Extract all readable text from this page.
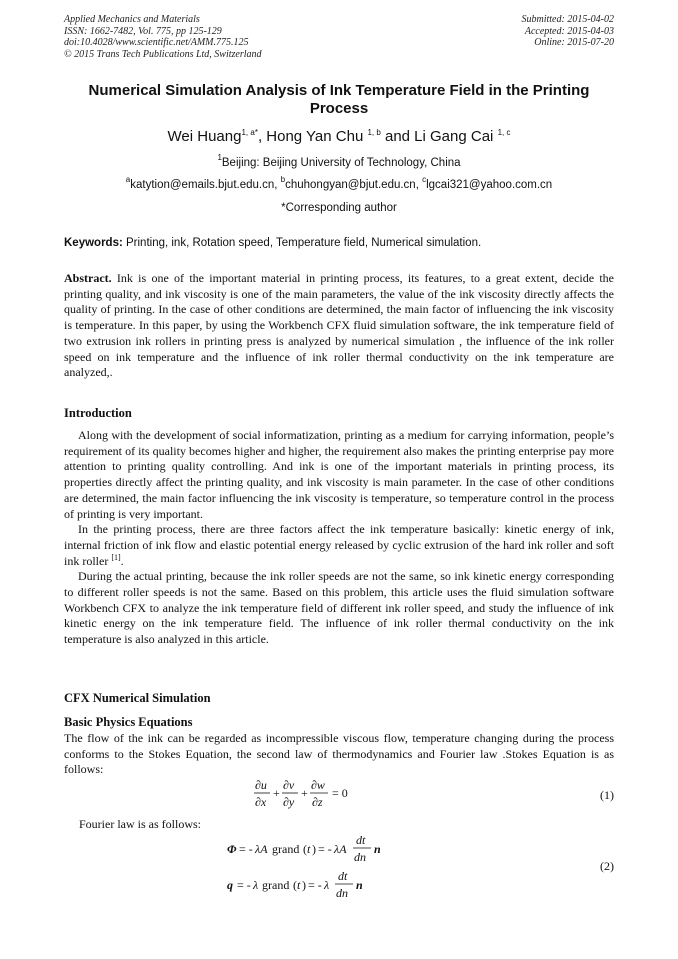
Applied Mechanics and Materials
ISSN: 1662-7482, Vol. 775, pp 125-129
doi:10.4028/www.scientific.net/AMM.775.125
© 2015 Trans Tech Publications Ltd, Switzerland
Submitted: 2015-04-02
Accepted: 2015-04-03
Online: 2015-07-20
Numerical Simulation Analysis of Ink Temperature Field in the Printing Process
Wei Huang$^{1, a*}$, Hong Yan Chu $^{1, b}$ and Li Gang Cai $^{1, c}$
$^1$Beijing: Beijing University of Technology, China
$^a$katytion@emails.bjut.edu.cn, $^b$chuhongyan@bjut.edu.cn, $^c$lgcai321@yahoo.com.cn
*Corresponding author
Keywords: Printing, ink, Rotation speed, Temperature field, Numerical simulation.
Abstract. Ink is one of the important material in printing process, its features, to a great extent, decide the printing quality, and ink viscosity is one of the main parameters, the value of the ink viscosity directly affects the quality of printing. In the case of other conditions are determined, the main factor of influencing the ink viscosity is temperature. In this paper, by using the Workbench CFX fluid simulation software, the ink temperature field of two extrusion ink rollers in printing press is analyzed by numerical simulation , the influence of the ink roller speed on ink temperature and the influence of ink roller thermal conductivity on the ink temperature are analyzed,.
Introduction

Along with the development of social informatization, printing as a medium for carrying information, people’s requirement of its quality becomes higher and higher, the requirement also makes the printing enterprise pay more attention to printing quality controlling. And ink is one of the important materials in printing process, its properties directly affect the printing quality, and ink viscosity is main parameter. In the case of other conditions are determined, the main factor influencing the ink viscosity is temperature, so temperature control in the process of printing is very important.

In the printing process, there are three factors affect the ink temperature basically: kinetic energy of ink, internal friction of ink flow and elastic potential energy released by cyclic extrusion of the hard ink roller and soft ink roller [1].

During the actual printing, because the ink roller speeds are not the same, so ink kinetic energy corresponding to different roller speeds is not the same. Based on this problem, this article uses the fluid simulation software Workbench CFX to analyze the ink temperature field of different ink roller speed, and study the influence of ink kinetic energy on the ink temperature field. The influence of ink roller thermal conductivity on the ink temperature is also analyzed in this article.

CFX Numerical Simulation
Basic Physics Equations
The flow of the ink can be regarded as incompressible viscous flow, temperature changing during the process conforms to the Stokes Equation, the second law of thermodynamics and Fourier law .Stokes Equation is as follows:
∂u
∂x
+
∂v
∂y
+
∂w
∂z
= 0	(1)
Fourier law is as follows:
Φ = - λA grand ( t ) = - λA
dt
dn
n
q = - λ grand ( t ) = - λ
dt
dn
n
(2)
